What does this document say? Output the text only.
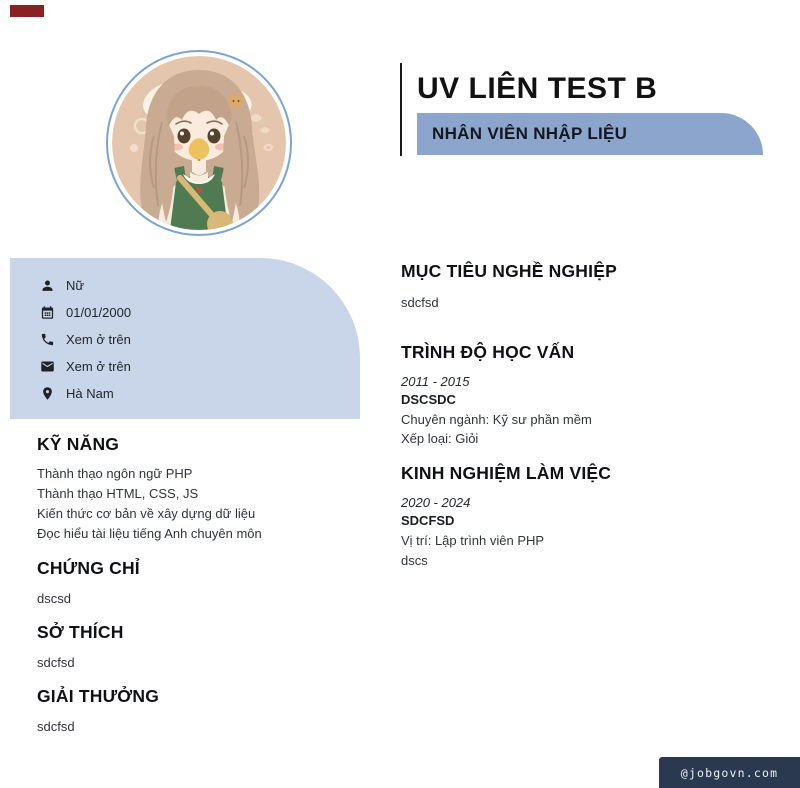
UV LIÊN TEST B
NHÂN VIÊN NHẬP LIỆU
Nữ
01/01/2000
Xem ở trên
Xem ở trên
Hà Nam
KỸ NĂNG
Thành thạo ngôn ngữ PHP
Thành thạo HTML, CSS, JS
Kiến thức cơ bản về xây dựng dữ liệu
Đọc hiểu tài liệu tiếng Anh chuyên môn
CHỨNG CHỈ
dscsd
SỞ THÍCH
sdcfsd
GIẢI THƯỞNG
sdcfsd
MỤC TIÊU NGHỀ NGHIỆP
sdcfsd
TRÌNH ĐỘ HỌC VẤN
2011 - 2015
DSCSDC
Chuyên ngành: Kỹ sư phần mềm
Xếp loại: Giỏi
KINH NGHIỆM LÀM VIỆC
2020 - 2024
SDCFSD
Vị trí: Lập trình viên PHP
dscs
@jobgovn.com
